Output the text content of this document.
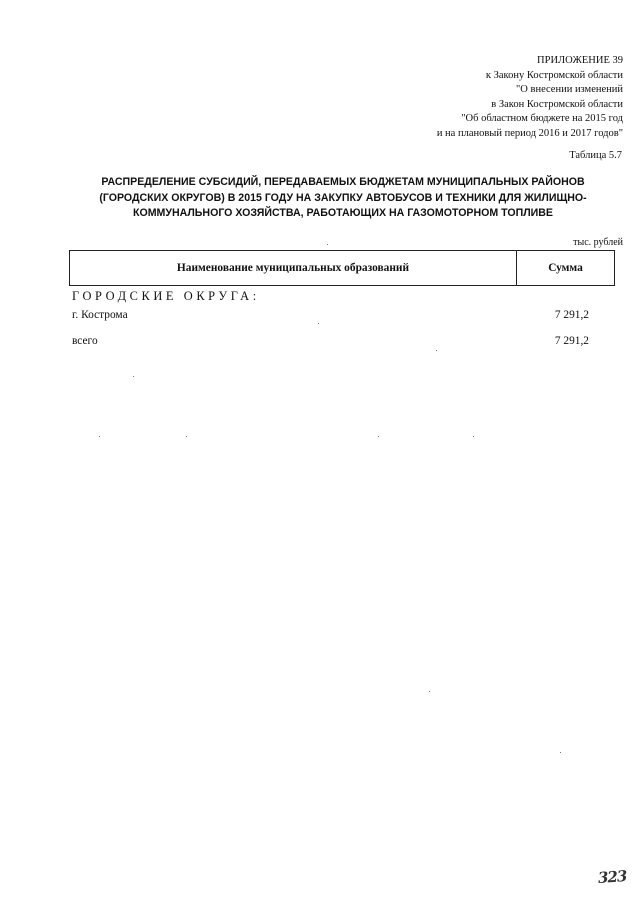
ПРИЛОЖЕНИЕ 39
к Закону Костромской области
"О внесении изменений
в Закон Костромской области
"Об областном бюджете на 2015 год
и на плановый период 2016 и 2017 годов"
Таблица 5.7
РАСПРЕДЕЛЕНИЕ СУБСИДИЙ, ПЕРЕДАВАЕМЫХ БЮДЖЕТАМ МУНИЦИПАЛЬНЫХ РАЙОНОВ
(ГОРОДСКИХ ОКРУГОВ) В 2015 ГОДУ НА ЗАКУПКУ АВТОБУСОВ И ТЕХНИКИ ДЛЯ ЖИЛИЩНО-
КОММУНАЛЬНОГО ХОЗЯЙСТВА, РАБОТАЮЩИХ НА ГАЗОМОТОРНОМ ТОПЛИВЕ
тыс. рублей
Наименование муниципальных образований	Сумма
ГОРОДСКИЕ ОКРУГА:
г. Кострома	7 291,2
всего	7 291,2
323
